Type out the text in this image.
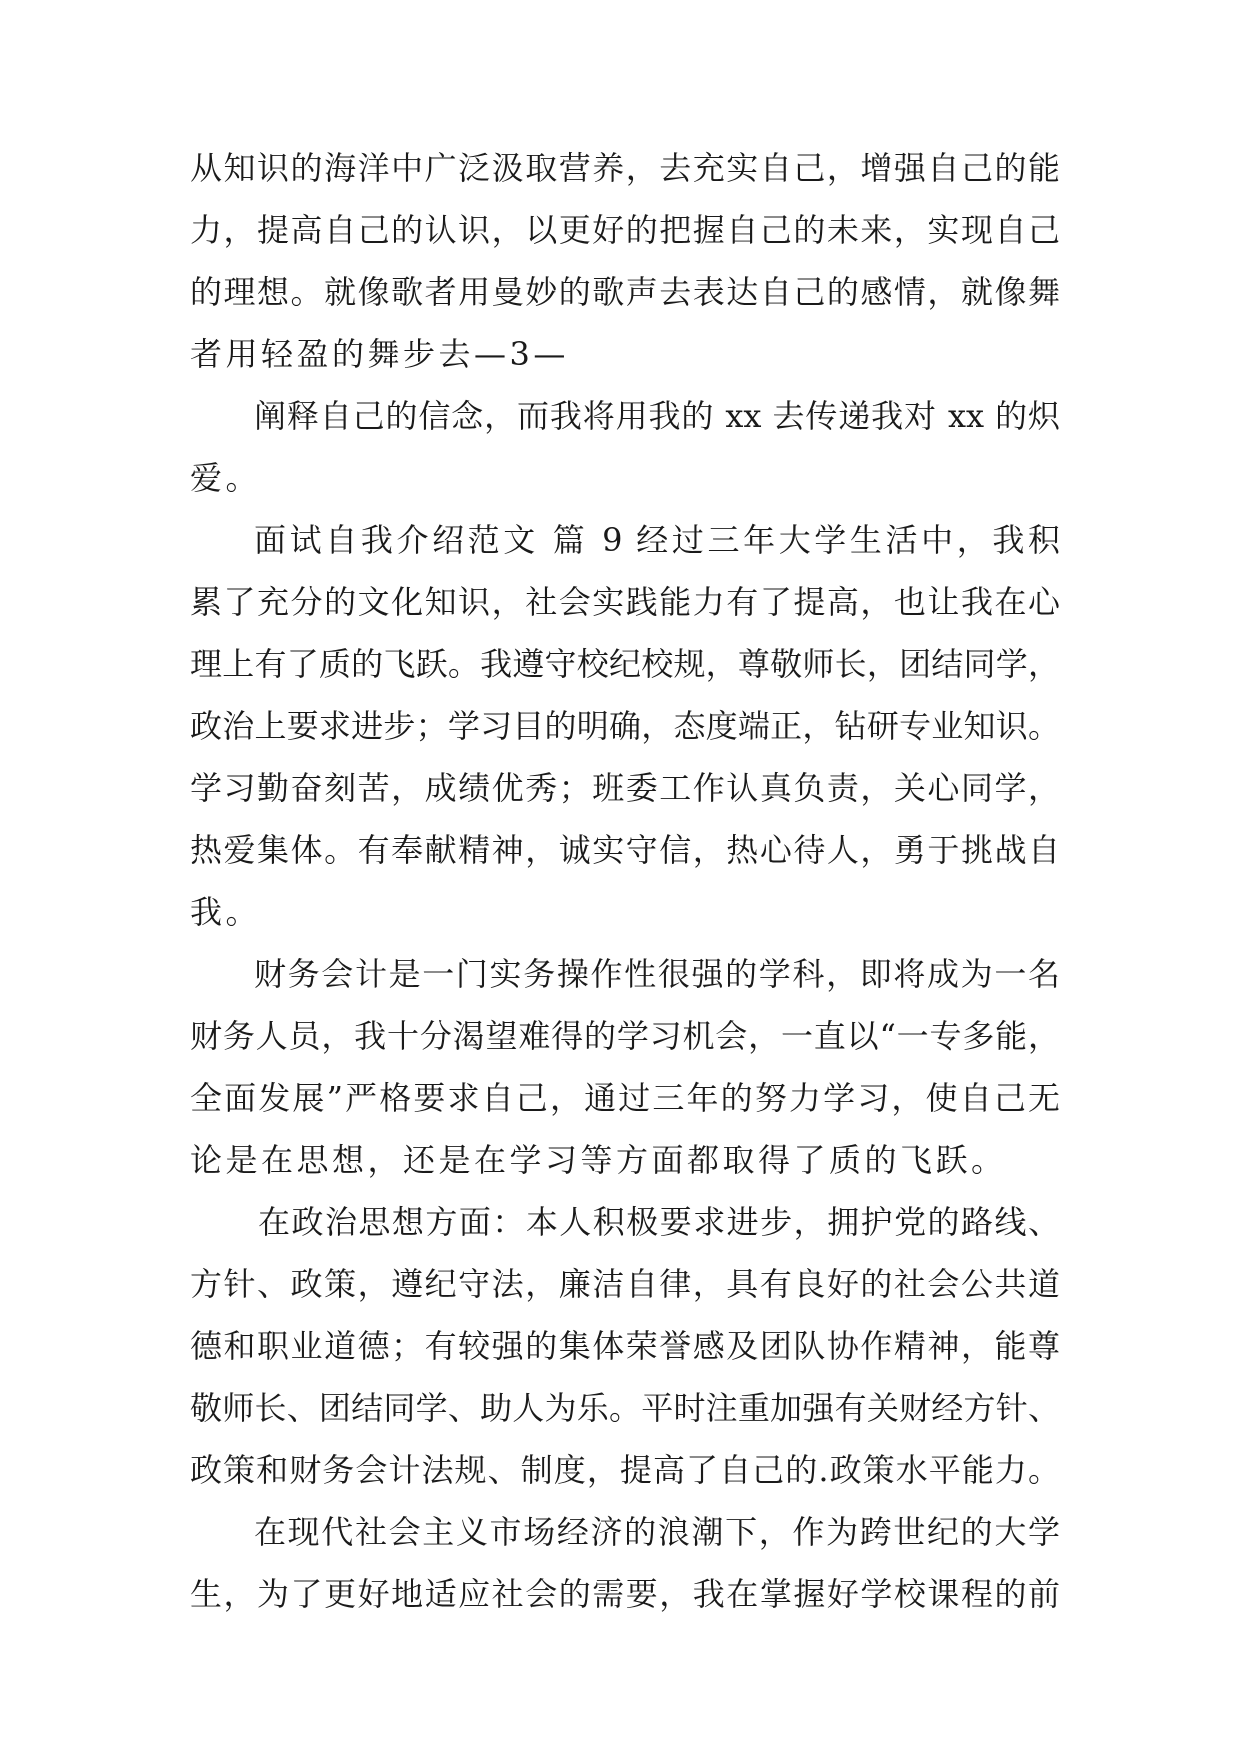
从知识的海洋中广泛汲取营养，去充实自己，增强自己的能
力，提高自己的认识，以更好的把握自己的未来，实现自己
的理想。就像歌者用曼妙的歌声去表达自己的感情，就像舞
者用轻盈的舞步去—3—
阐释自己的信念，而我将用我的 xx 去传递我对 xx 的炽
爱。
面试自我介绍范文 篇 9 经过三年大学生活中，我积
累了充分的文化知识，社会实践能力有了提高，也让我在心
理上有了质的飞跃。我遵守校纪校规，尊敬师长，团结同学，
政治上要求进步；学习目的明确，态度端正，钻研专业知识。
学习勤奋刻苦，成绩优秀；班委工作认真负责，关心同学，
热爱集体。有奉献精神，诚实守信，热心待人，勇于挑战自
我。
财务会计是一门实务操作性很强的学科，即将成为一名
财务人员，我十分渴望难得的学习机会，一直以“一专多能，
全面发展”严格要求自己，通过三年的努力学习，使自己无
论是在思想，还是在学习等方面都取得了质的飞跃。
在政治思想方面：本人积极要求进步，拥护党的路线、
方针、政策，遵纪守法，廉洁自律，具有良好的社会公共道
德和职业道德；有较强的集体荣誉感及团队协作精神，能尊
敬师长、团结同学、助人为乐。平时注重加强有关财经方针、
政策和财务会计法规、制度，提高了自己的.政策水平能力。
在现代社会主义市场经济的浪潮下，作为跨世纪的大学
生，为了更好地适应社会的需要，我在掌握好学校课程的前
